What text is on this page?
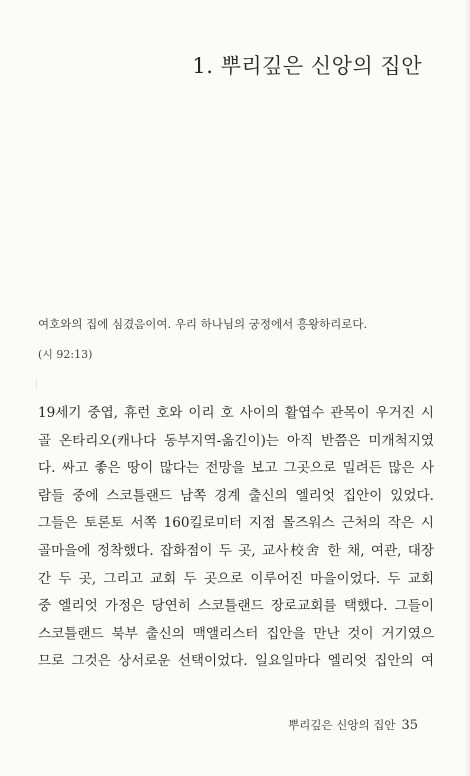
1. 뿌리깊은 신앙의 집안
여호와의 집에 심겼음이여. 우리 하나님의 궁정에서 흥왕하리로다.
(시 92:13)
19세기 중엽, 휴런 호와 이리 호 사이의 활엽수 관목이 우거진 시
골 온타리오(캐나다 동부지역-옮긴이)는 아직 반쯤은 미개척지였
다. 싸고 좋은 땅이 많다는 전망을 보고 그곳으로 밀려든 많은 사
람들 중에 스코틀랜드 남쪽 경계 출신의 엘리엇 집안이 있었다.
그들은 토론토 서쪽 160킬로미터 지점 몰즈워스 근처의 작은 시
골마을에 정착했다. 잡화점이 두 곳, 교사校舍 한 채, 여관, 대장
간 두 곳, 그리고 교회 두 곳으로 이루어진 마을이었다. 두 교회
중 엘리엇 가정은 당연히 스코틀랜드 장로교회를 택했다. 그들이
스코틀랜드 북부 출신의 맥앨리스터 집안을 만난 것이 거기였으
므로 그것은 상서로운 선택이었다. 일요일마다 엘리엇 집안의 여
뿌리깊은 신앙의 집안 35
